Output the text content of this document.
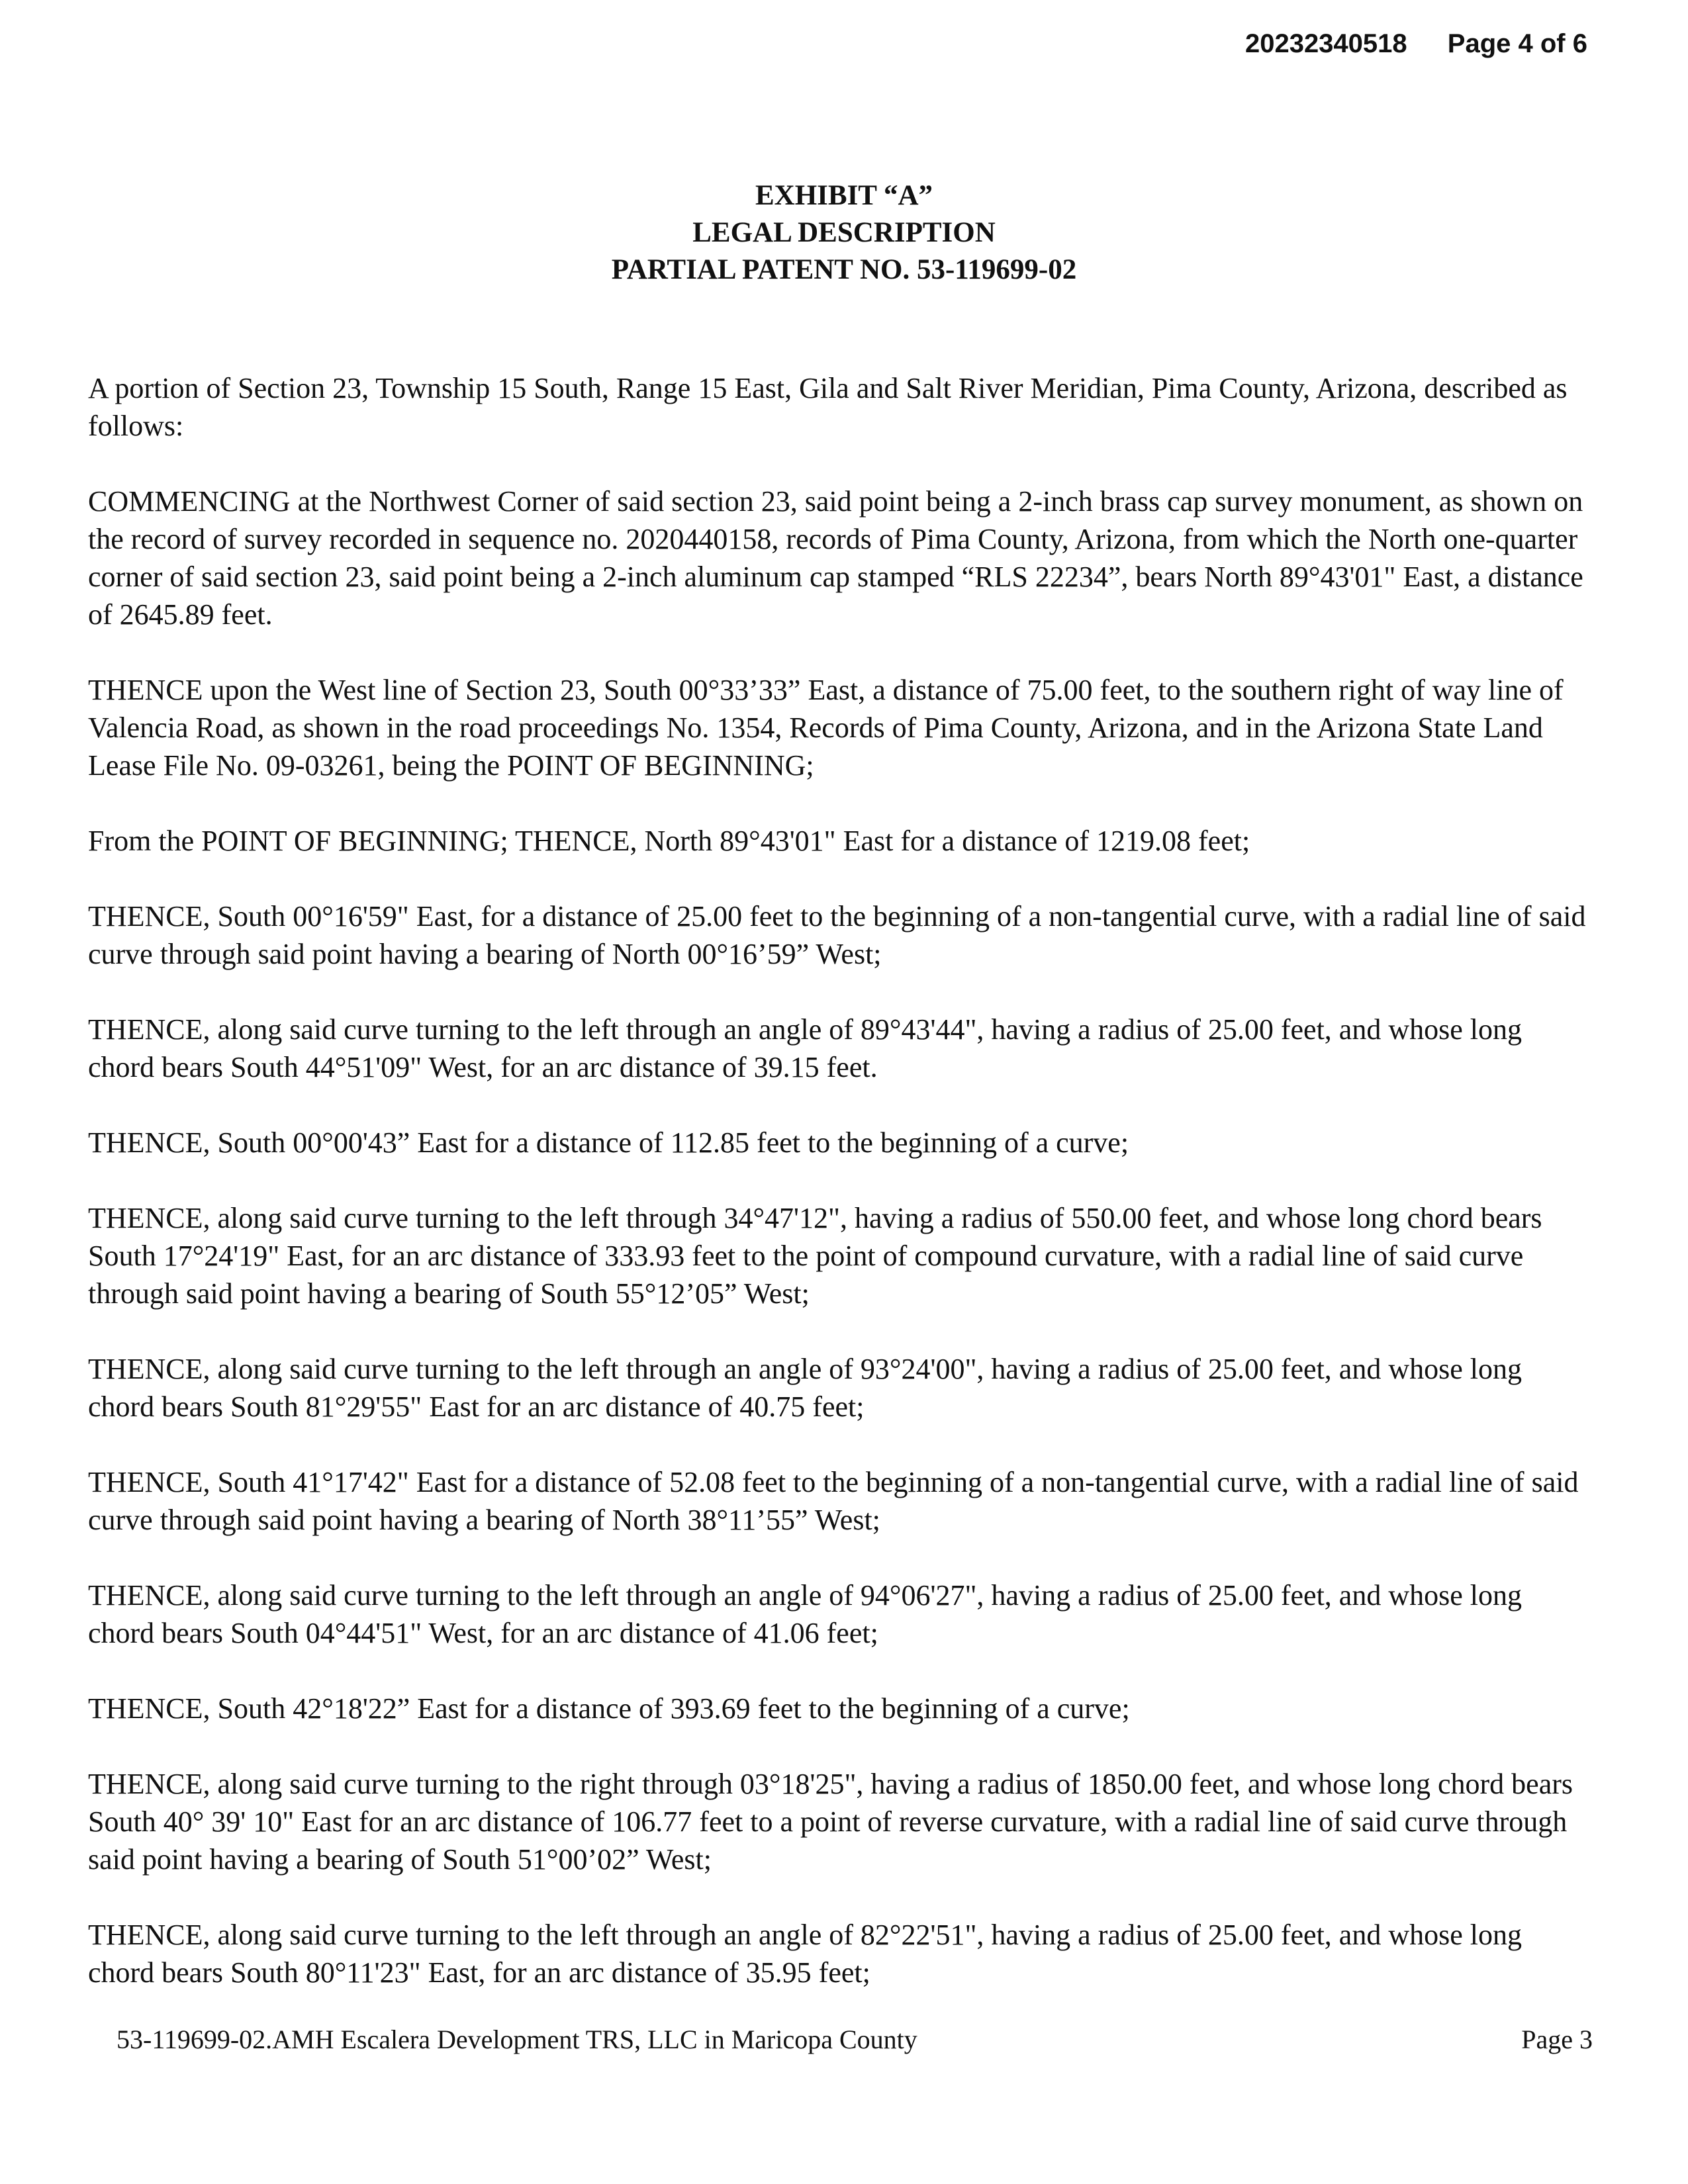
20232340518 Page 4 of 6
EXHIBIT “A”
LEGAL DESCRIPTION
PARTIAL PATENT NO. 53-119699-02

A portion of Section 23, Township 15 South, Range 15 East, Gila and Salt River Meridian, Pima County, Arizona, described as follows:

COMMENCING at the Northwest Corner of said section 23, said point being a 2-inch brass cap survey monument, as shown on the record of survey recorded in sequence no. 2020440158, records of Pima County, Arizona, from which the North one-quarter corner of said section 23, said point being a 2-inch aluminum cap stamped “RLS 22234”, bears North 89°43'01" East, a distance of 2645.89 feet.

THENCE upon the West line of Section 23, South 00°33’33” East, a distance of 75.00 feet, to the southern right of way line of Valencia Road, as shown in the road proceedings No. 1354, Records of Pima County, Arizona, and in the Arizona State Land Lease File No. 09-03261, being the POINT OF BEGINNING;

From the POINT OF BEGINNING; THENCE, North 89°43'01" East for a distance of 1219.08 feet;

THENCE, South 00°16'59" East, for a distance of 25.00 feet to the beginning of a non-tangential curve, with a radial line of said curve through said point having a bearing of North 00°16’59” West;

THENCE, along said curve turning to the left through an angle of 89°43'44", having a radius of 25.00 feet, and whose long chord bears South 44°51'09" West, for an arc distance of 39.15 feet.

THENCE, South 00°00'43” East for a distance of 112.85 feet to the beginning of a curve;

THENCE, along said curve turning to the left through 34°47'12", having a radius of 550.00 feet, and whose long chord bears South 17°24'19" East, for an arc distance of 333.93 feet to the point of compound curvature, with a radial line of said curve through said point having a bearing of South 55°12’05” West;

THENCE, along said curve turning to the left through an angle of 93°24'00", having a radius of 25.00 feet, and whose long chord bears South 81°29'55" East for an arc distance of 40.75 feet;

THENCE, South 41°17'42" East for a distance of 52.08 feet to the beginning of a non-tangential curve, with a radial line of said curve through said point having a bearing of North 38°11’55” West;

THENCE, along said curve turning to the left through an angle of 94°06'27", having a radius of 25.00 feet, and whose long chord bears South 04°44'51" West, for an arc distance of 41.06 feet;

THENCE, South 42°18'22” East for a distance of 393.69 feet to the beginning of a curve;

THENCE, along said curve turning to the right through 03°18'25", having a radius of 1850.00 feet, and whose long chord bears South 40° 39' 10" East for an arc distance of 106.77 feet to a point of reverse curvature, with a radial line of said curve through said point having a bearing of South 51°00’02” West;

THENCE, along said curve turning to the left through an angle of 82°22'51", having a radius of 25.00 feet, and whose long chord bears South 80°11'23" East, for an arc distance of 35.95 feet;

53-119699-02.AMH Escalera Development TRS, LLC in Maricopa County	Page 3
